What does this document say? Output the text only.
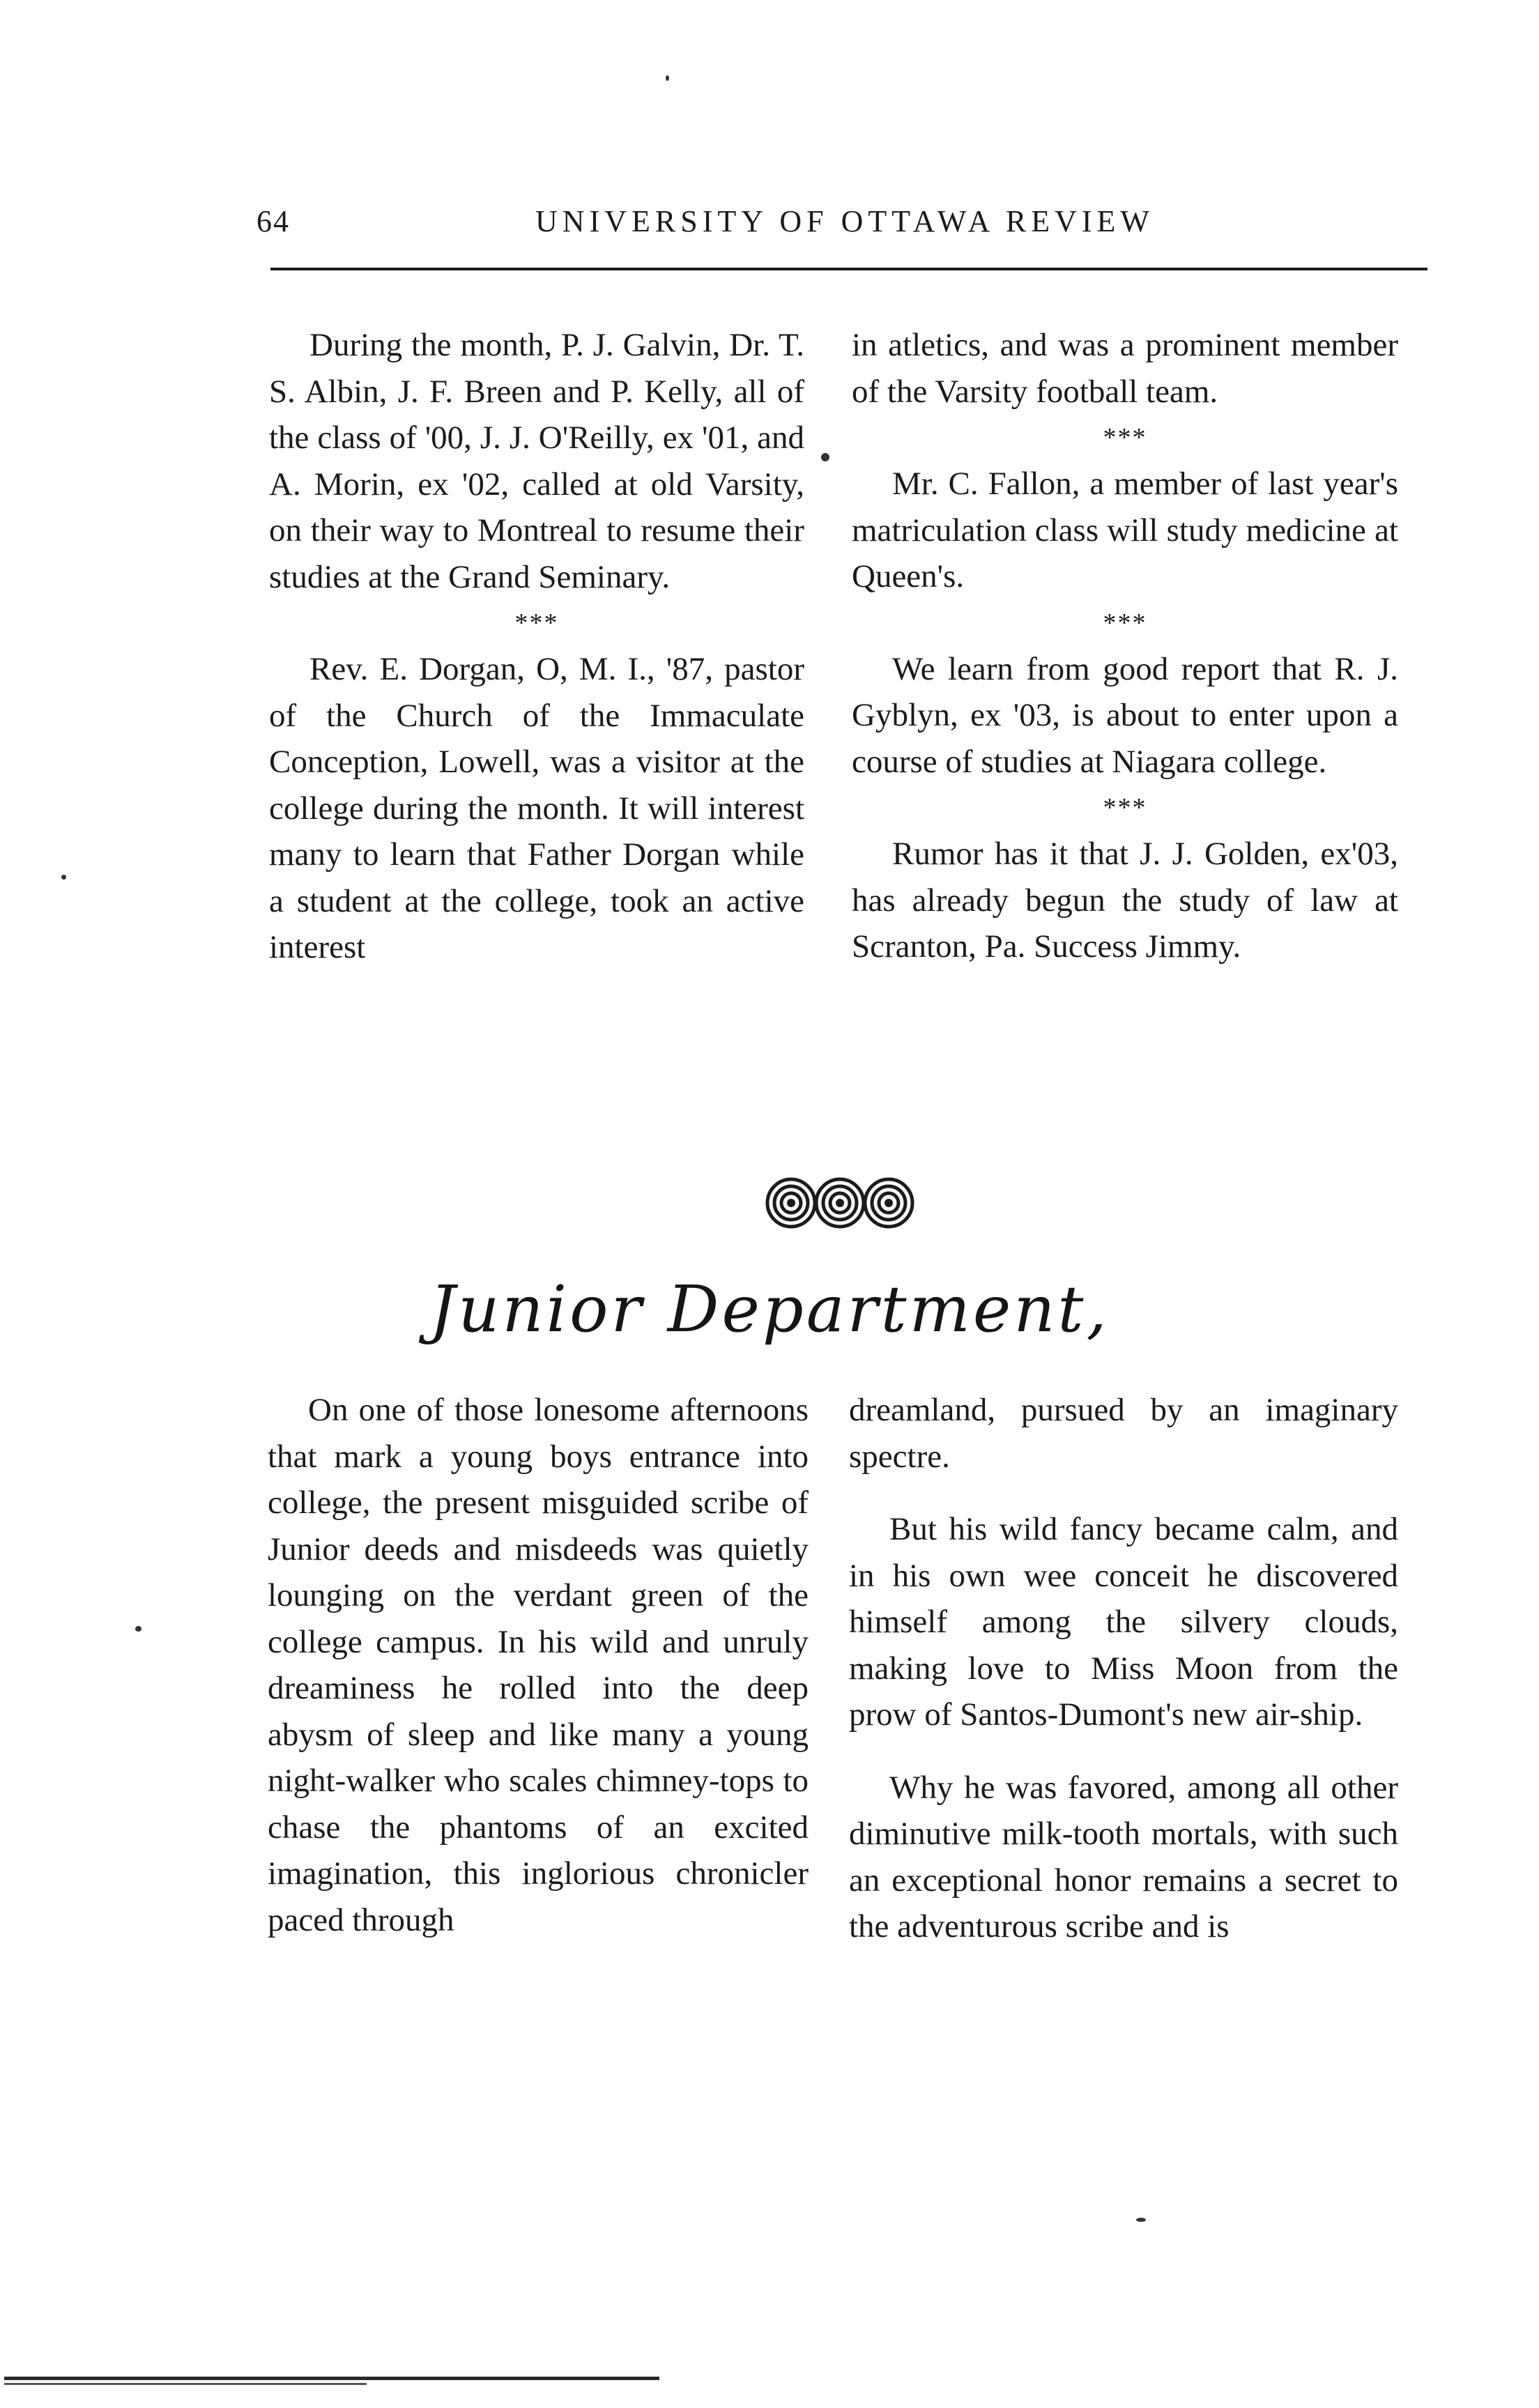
64	UNIVERSITY OF OTTAWA REVIEW

During the month, P. J. Galvin, Dr. T. S. Albin, J. F. Breen and P. Kelly, all of the class of '00, J. J. O'Reilly, ex '01, and A. Morin, ex '02, called at old Varsity, on their way to Montreal to resume their studies at the Grand Seminary.

***

Rev. E. Dorgan, O, M. I., '87, pastor of the Church of the Immaculate Conception, Lowell, was a visitor at the college during the month. It will interest many to learn that Father Dorgan while a student at the college, took an active interest

in atletics, and was a prominent member of the Varsity football team.

***

Mr. C. Fallon, a member of last year's matriculation class will study medicine at Queen's.

***

We learn from good report that R. J. Gyblyn, ex '03, is about to enter upon a course of studies at Niagara college.

***

Rumor has it that J. J. Golden, ex'03, has already begun the study of law at Scranton, Pa. Success Jimmy.

Junior Department,

On one of those lonesome afternoons that mark a young boys entrance into college, the present misguided scribe of Junior deeds and misdeeds was quietly lounging on the verdant green of the college campus. In his wild and unruly dreaminess he rolled into the deep abysm of sleep and like many a young night-walker who scales chimney-tops to chase the phantoms of an excited imagination, this inglorious chronicler paced through

dreamland, pursued by an imaginary spectre.

But his wild fancy became calm, and in his own wee conceit he discovered himself among the silvery clouds, making love to Miss Moon from the prow of Santos-Dumont's new air-ship.

Why he was favored, among all other diminutive milk-tooth mortals, with such an exceptional honor remains a secret to the adventurous scribe and is
